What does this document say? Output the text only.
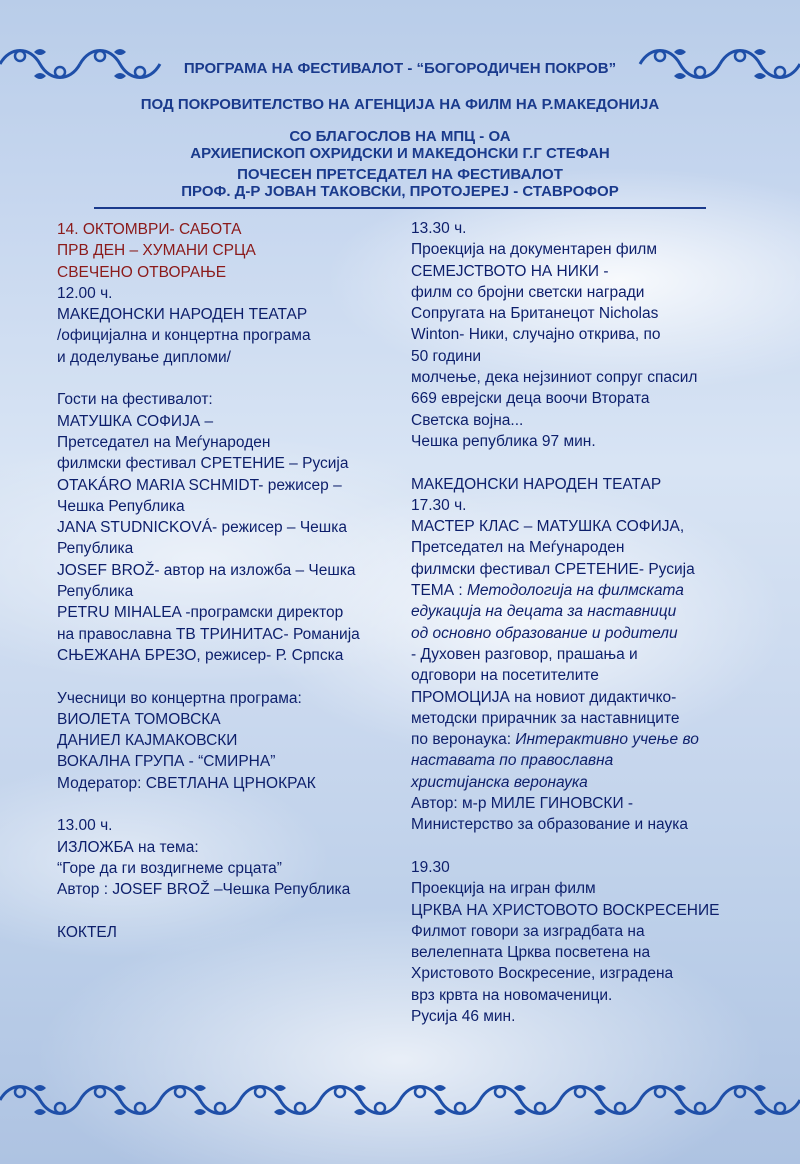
ПРОГРАМА НА ФЕСТИВАЛОТ - “БОГОРОДИЧЕН ПОКРОВ”
ПОД ПОКРОВИТЕЛСТВО НА АГЕНЦИЈА НА ФИЛМ НА Р.МАКЕДОНИЈА
СО БЛАГОСЛОВ НА МПЦ - ОА
АРХИЕПИСКОП ОХРИДСКИ И МАКЕДОНСКИ Г.Г СТЕФАН
ПОЧЕСЕН ПРЕТСЕДАТЕЛ НА ФЕСТИВАЛОТ
ПРОФ. Д-Р ЈОВАН ТАКОВСКИ, ПРОТОЈЕРЕЈ - СТАВРОФОР
14. ОКТОМВРИ- САБОТА
ПРВ ДЕН – ХУМАНИ СРЦА
СВЕЧЕНО ОТВОРАЊЕ
12.00 ч.
МАКЕДОНСКИ НАРОДЕН ТЕАТАР
/официјална и концертна програма
и доделување дипломи/
Гости на фестивалот:
МАТУШКА СОФИЈА –
Претседател на Меѓународен
филмски фестивал СРЕТЕНИЕ – Русија
OTAKÁRO MARIA SCHMIDT- режисер –
Чешка Република
JANA STUDNICKOVÁ- режисер – Чешка
Република
JOSEF BROŽ- автор на изложба – Чешка
Република
PETRU MIHALEA -програмски директор
на православна ТВ ТРИНИТАС- Романија
СЊЕЖАНА БРЕЗО, режисер- Р. Српска
Учесници во концертна програма:
ВИОЛЕТА ТОМОВСКА
ДАНИЕЛ КАЈМАКОВСКИ
ВОКАЛНА ГРУПА - “СМИРНА”
Модератор: СВЕТЛАНА ЦРНОКРАК
13.00 ч.
ИЗЛОЖБА на тема:
“Горе да ги воздигнеме срцата”
Автор : JOSEF BROŽ –Чешка Република
КОКТЕЛ
13.30 ч.
Проекција на документарен филм
СЕМЕЈСТВОТО НА НИКИ -
филм со бројни светски награди
Сопругата на Британецот Nicholas
Winton- Ники, случајно открива, по
50 години
молчење, дека нејзиниот сопруг спасил
669 еврејски деца воочи Втората
Светска војна...
Чешка република 97 мин.
МАКЕДОНСКИ НАРОДЕН ТЕАТАР
17.30 ч.
МАСТЕР КЛАС – МАТУШКА СОФИЈА,
Претседател на Меѓународен
филмски фестивал СРЕТЕНИЕ- Русија
ТЕМА : Методологија на филмската
едукација на децата за наставници
од основно образование и родители
- Духовен разговор, прашања и
одговори на посетителите
ПРОМОЦИЈА на новиот дидактичко-
методски прирачник за наставниците
по веронаука: Интерактивно учење во
наставата по православна
христијанска веронаука
Автор: м-р МИЛЕ ГИНОВСКИ -
Министерство за образование и наука
19.30
Проекција на игран филм
ЦРКВА НА ХРИСТОВОТО ВОСКРЕСЕНИЕ
Филмот говори за изградбата на
велелепната Црква посветена на
Христовото Воскресение, изградена
врз крвта на новомаченици.
Русија 46 мин.
